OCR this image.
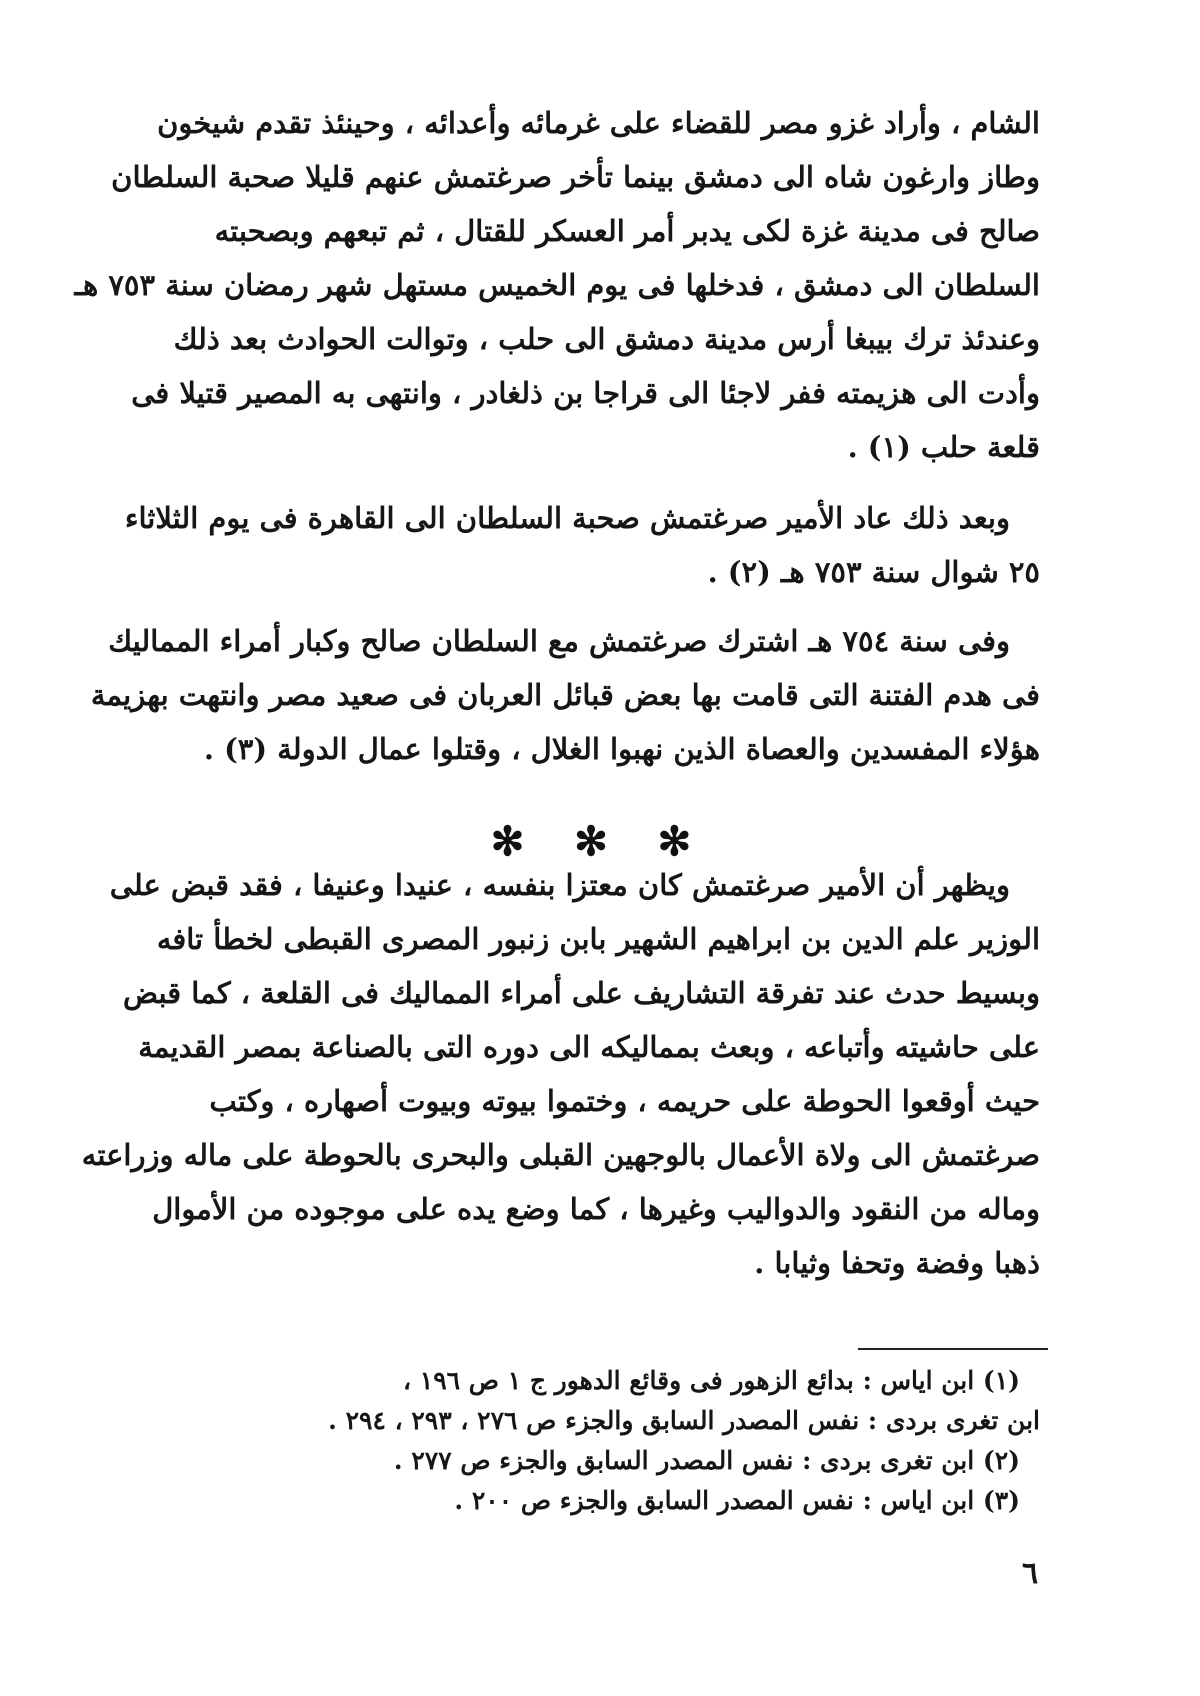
الشام ، وأراد غزو مصر للقضاء على غرمائه وأعدائه ، وحينئذ تقدم شيخون
وطاز وارغون شاه الى دمشق بينما تأخر صرغتمش عنهم قليلا صحبة السلطان
صالح فى مدينة غزة لكى يدبر أمر العسكر للقتال ، ثم تبعهم وبصحبته
السلطان الى دمشق ، فدخلها فى يوم الخميس مستهل شهر رمضان سنة ٧٥٣ هـ
وعندئذ ترك بيبغا أرس مدينة دمشق الى حلب ، وتوالت الحوادث بعد ذلك
وأدت الى هزيمته ففر لاجئا الى قراجا بن ذلغادر ، وانتهى به المصير قتيلا فى
قلعة حلب (١) .
وبعد ذلك عاد الأمير صرغتمش صحبة السلطان الى القاهرة فى يوم الثلاثاء
٢٥ شوال سنة ٧٥٣ هـ (٢) .
وفى سنة ٧٥٤ هـ اشترك صرغتمش مع السلطان صالح وكبار أمراء المماليك
فى هدم الفتنة التى قامت بها بعض قبائل العربان فى صعيد مصر وانتهت بهزيمة
هؤلاء المفسدين والعصاة الذين نهبوا الغلال ، وقتلوا عمال الدولة (٣) .
✻ ✻ ✻
ويظهر أن الأمير صرغتمش كان معتزا بنفسه ، عنيدا وعنيفا ، فقد قبض على
الوزير علم الدين بن ابراهيم الشهير بابن زنبور المصرى القبطى لخطأ تافه
وبسيط حدث عند تفرقة التشاريف على أمراء المماليك فى القلعة ، كما قبض
على حاشيته وأتباعه ، وبعث بمماليكه الى دوره التى بالصناعة بمصر القديمة
حيث أوقعوا الحوطة على حريمه ، وختموا بيوته وبيوت أصهاره ، وكتب
صرغتمش الى ولاة الأعمال بالوجهين القبلى والبحرى بالحوطة على ماله وزراعته
وماله من النقود والدواليب وغيرها ، كما وضع يده على موجوده من الأموال
ذهبا وفضة وتحفا وثيابا .
(١) ابن اياس : بدائع الزهور فى وقائع الدهور ج ١ ص ١٩٦ ،
ابن تغرى بردى : نفس المصدر السابق والجزء ص ٢٧٦ ، ٢٩٣ ، ٢٩٤ .
(٢) ابن تغرى بردى : نفس المصدر السابق والجزء ص ٢٧٧ .
(٣) ابن اياس : نفس المصدر السابق والجزء ص ٢٠٠ .
٦
